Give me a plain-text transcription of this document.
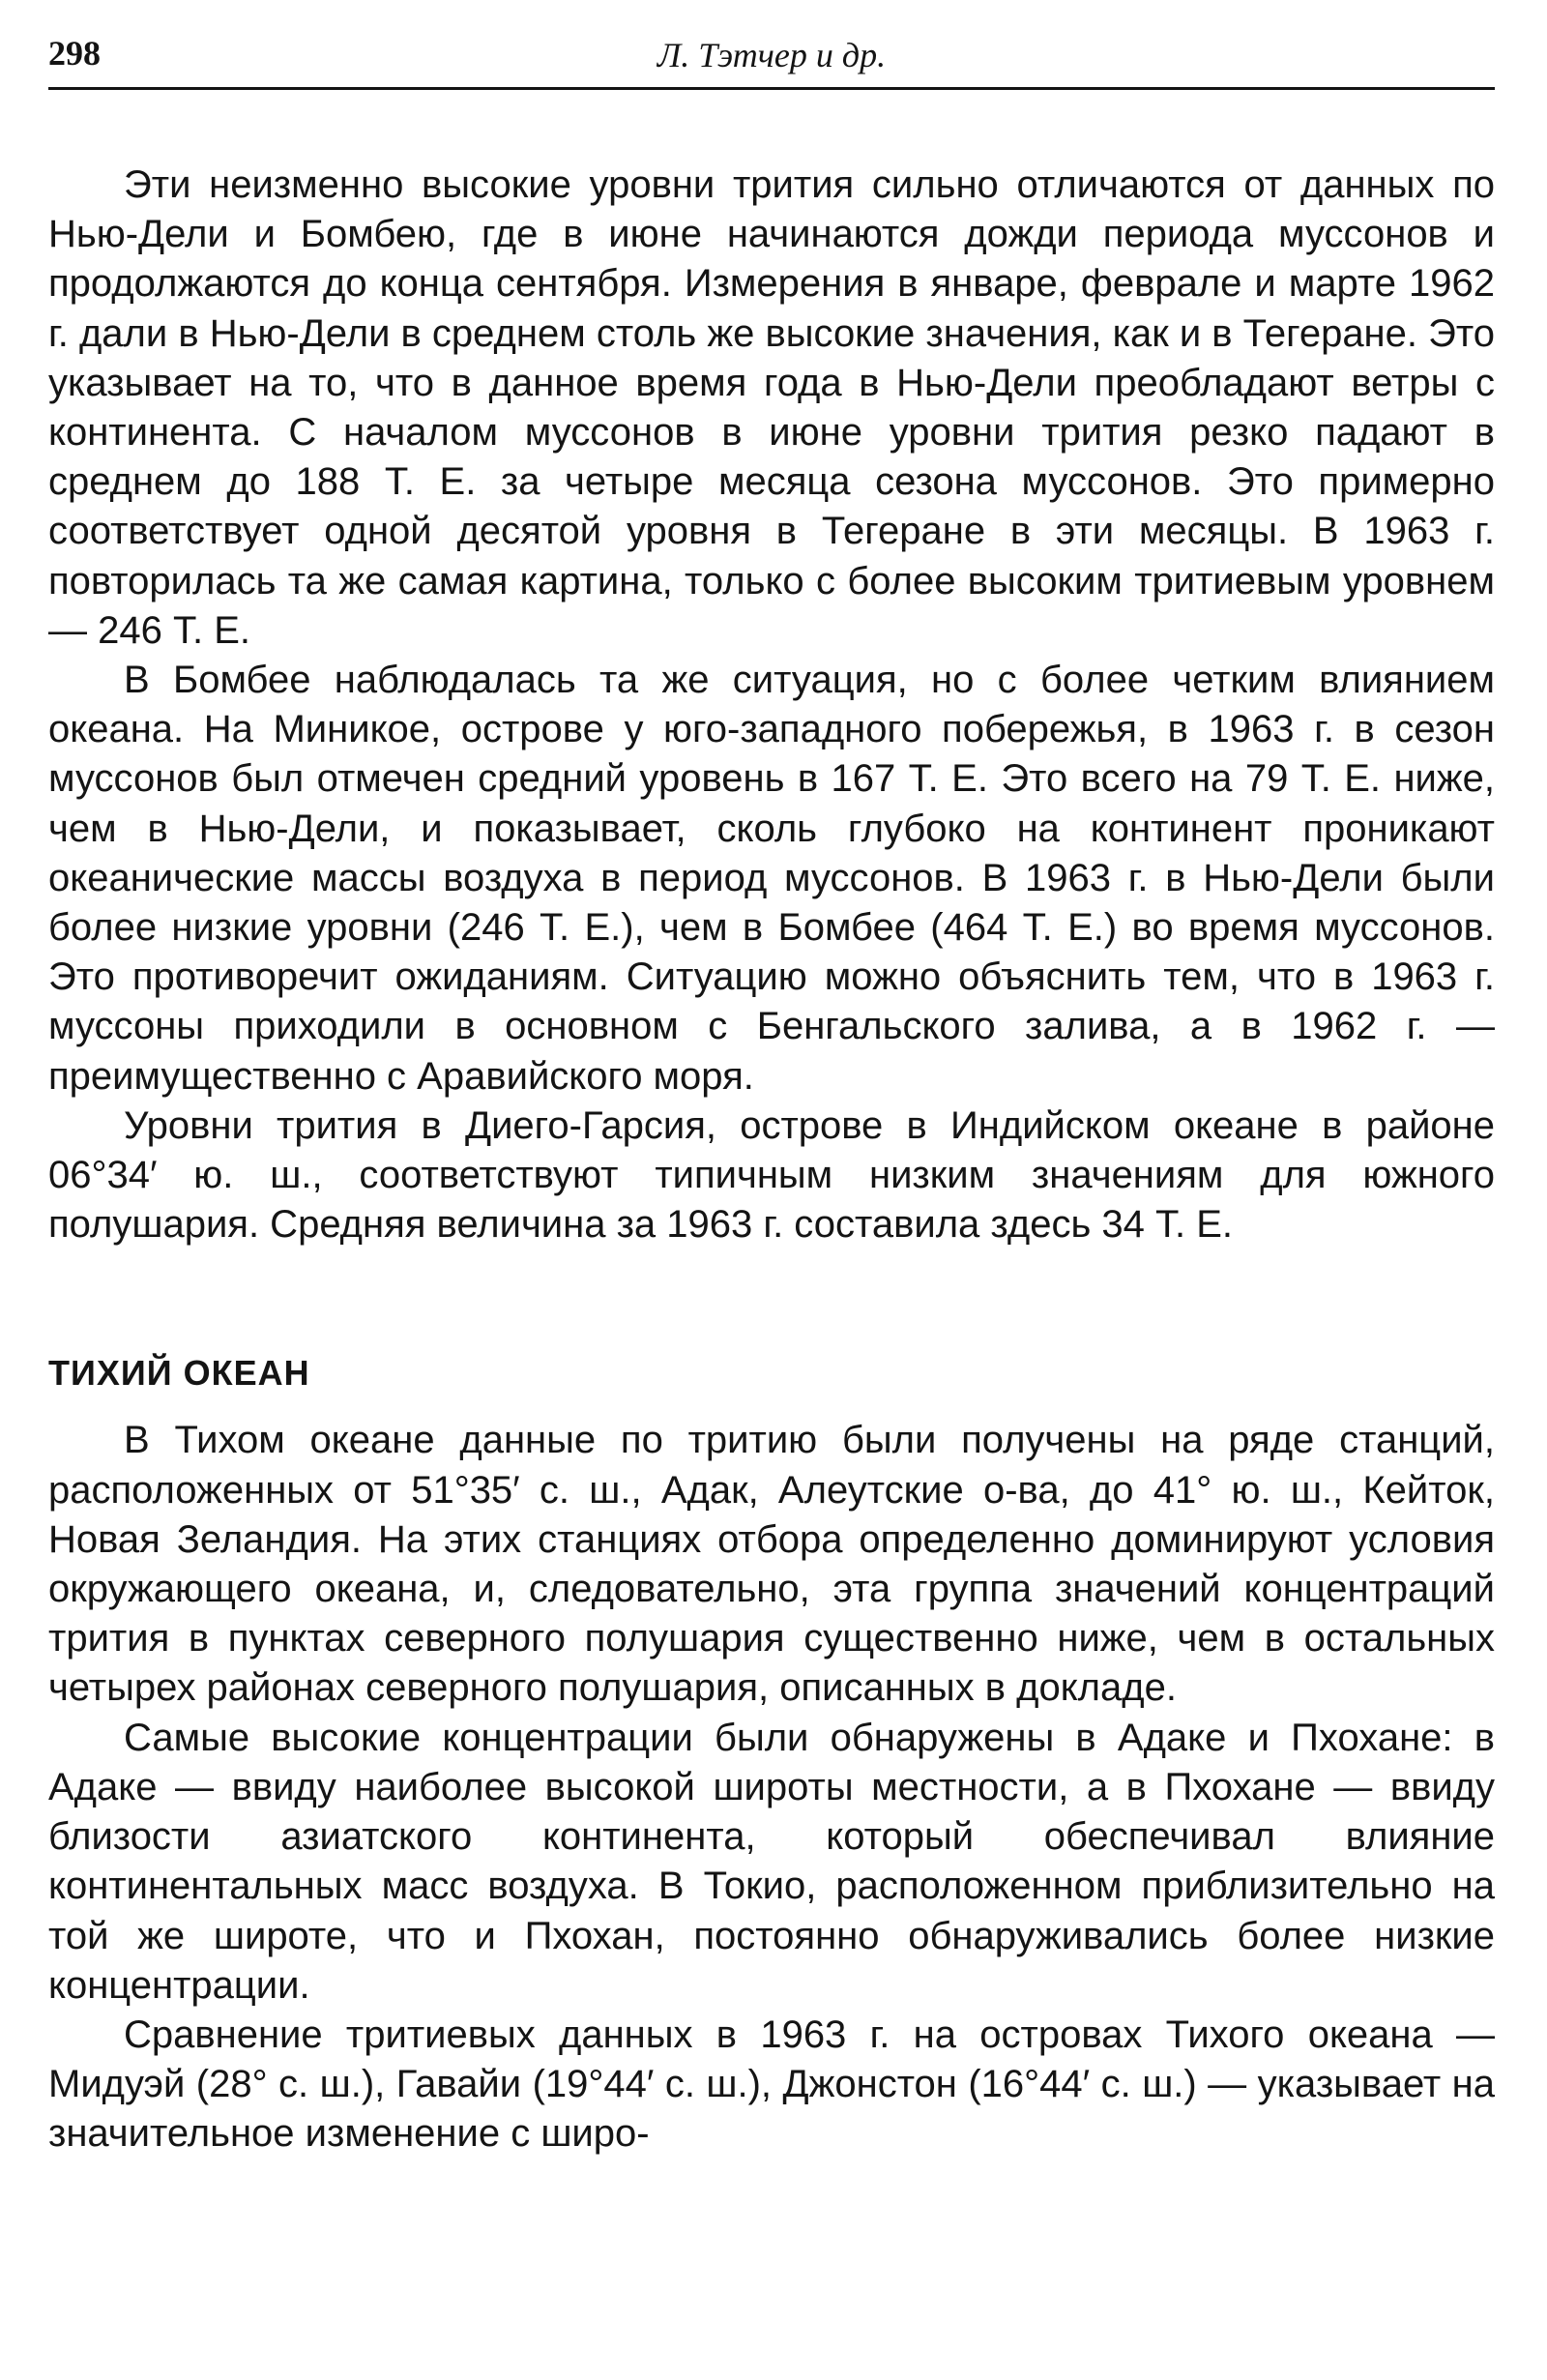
298	Л. Тэтчер и др.

Эти неизменно высокие уровни трития сильно отличаются от данных по Нью-Дели и Бомбею, где в июне начинаются дожди периода муссонов и продолжаются до конца сентября. Измерения в январе, феврале и марте 1962 г. дали в Нью-Дели в среднем столь же высокие значения, как и в Тегеране. Это указывает на то, что в данное время года в Нью-Дели преобладают ветры с континента. С началом муссонов в июне уровни трития резко падают в среднем до 188 Т. Е. за четыре месяца сезона муссонов. Это примерно соответствует одной десятой уровня в Тегеране в эти месяцы. В 1963 г. повторилась та же самая картина, только с более высоким тритиевым уровнем — 246 Т. Е.

В Бомбее наблюдалась та же ситуация, но с более четким влиянием океана. На Миникое, острове у юго-западного побережья, в 1963 г. в сезон муссонов был отмечен средний уровень в 167 Т. Е. Это всего на 79 Т. Е. ниже, чем в Нью-Дели, и показывает, сколь глубоко на континент проникают океанические массы воздуха в период муссонов. В 1963 г. в Нью-Дели были более низкие уровни (246 Т. Е.), чем в Бомбее (464 Т. Е.) во время муссонов. Это противоречит ожиданиям. Ситуацию можно объяснить тем, что в 1963 г. муссоны приходили в основном с Бенгальского залива, а в 1962 г. — преимущественно с Аравийского моря.

Уровни трития в Диего-Гарсия, острове в Индийском океане в районе 06°34′ ю. ш., соответствуют типичным низким значениям для южного полушария. Средняя величина за 1963 г. составила здесь 34 Т. Е.

ТИХИЙ ОКЕАН

В Тихом океане данные по тритию были получены на ряде станций, расположенных от 51°35′ с. ш., Адак, Алеутские о-ва, до 41° ю. ш., Кейток, Новая Зеландия. На этих станциях отбора определенно доминируют условия окружающего океана, и, следовательно, эта группа значений концентраций трития в пунктах северного полушария существенно ниже, чем в остальных четырех районах северного полушария, описанных в докладе.

Самые высокие концентрации были обнаружены в Адаке и Пхохане: в Адаке — ввиду наиболее высокой широты местности, а в Пхохане — ввиду близости азиатского континента, который обеспечивал влияние континентальных масс воздуха. В Токио, расположенном приблизительно на той же широте, что и Пхохан, постоянно обнаруживались более низкие концентрации.

Сравнение тритиевых данных в 1963 г. на островах Тихого океана — Мидуэй (28° с. ш.), Гавайи (19°44′ с. ш.), Джонстон (16°44′ с. ш.) — указывает на значительное изменение с широ-
